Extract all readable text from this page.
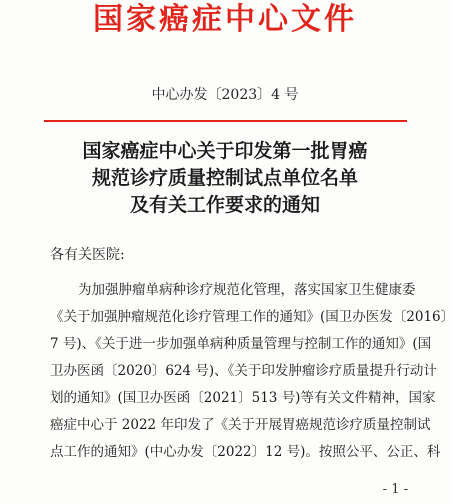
国家癌症中心文件
中心办发〔2023〕4 号
国家癌症中心关于印发第一批胃癌
规范诊疗质量控制试点单位名单
及有关工作要求的通知
各有关医院:
为加强肿瘤单病种诊疗规范化管理，落实国家卫生健康委
《关于加强肿瘤规范化诊疗管理工作的通知》(国卫办医发〔2016〕
7 号)、《关于进一步加强单病种质量管理与控制工作的通知》(国
卫办医函〔2020〕624 号)、《关于印发肿瘤诊疗质量提升行动计
划的通知》(国卫办医函〔2021〕513 号)等有关文件精神，国家
癌症中心于 2022 年印发了《关于开展胃癌规范诊疗质量控制试
点工作的通知》(中心办发〔2022〕12 号)。按照公平、公正、科
- 1 -
